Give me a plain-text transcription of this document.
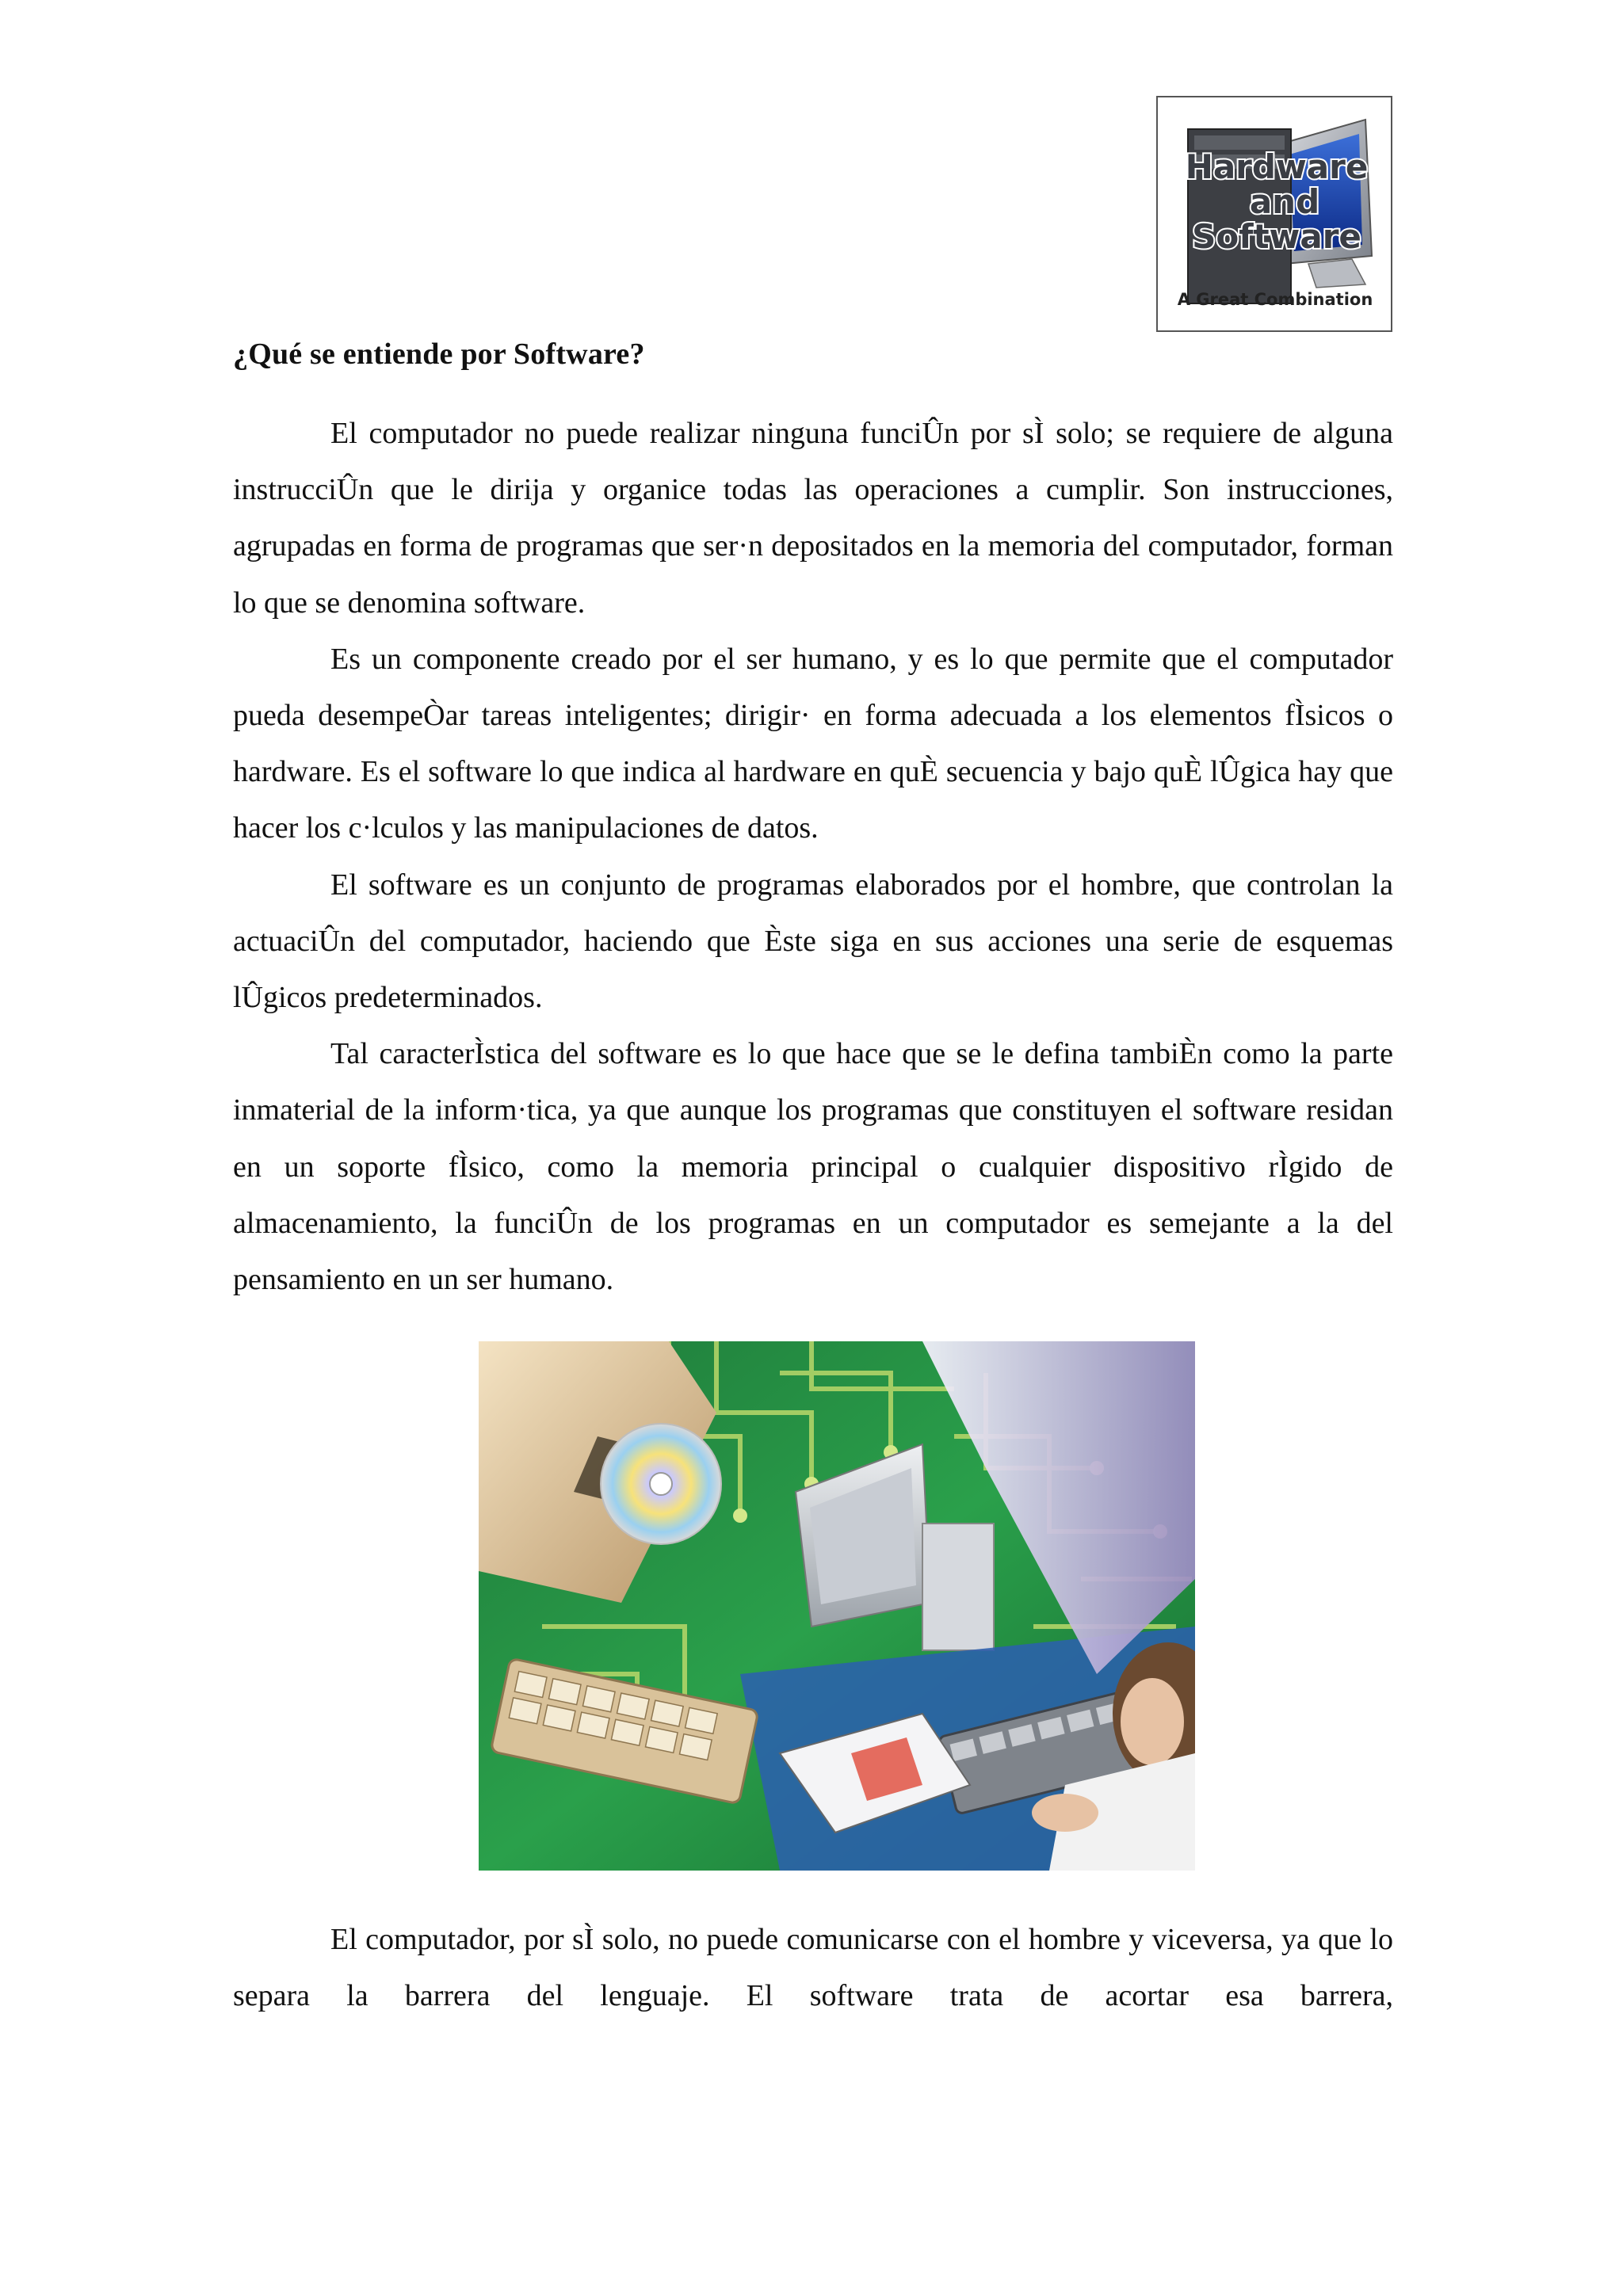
Hardware
and
Software
A Great Combination
¿Qué se entiende por Software?

El computador no puede realizar ninguna funciÛn por sÌ solo; se requiere de alguna instrucciÛn que le dirija y organice todas las operaciones a cumplir. Son instrucciones, agrupadas en forma de programas que ser·n depositados en la memoria del computador, forman lo que se denomina software.

Es un componente creado por el ser humano, y es lo que permite que el computador pueda desempeÒar tareas inteligentes; dirigir· en forma adecuada a los elementos fÌsicos o hardware. Es el software lo que indica al hardware en quÈ secuencia y bajo quÈ lÛgica hay que hacer los c·lculos y las manipulaciones de datos.

El software es un conjunto de programas elaborados por el hombre, que controlan la actuaciÛn del computador, haciendo que Èste siga en sus acciones una serie de esquemas lÛgicos predeterminados.

Tal caracterÌstica del software es lo que hace que se le defina tambiÈn como la parte inmaterial de la inform·tica, ya que aunque los programas que constituyen el software residan en un soporte fÌsico, como la memoria principal o cualquier dispositivo rÌgido de almacenamiento, la funciÛn de los programas en un computador es semejante a la del pensamiento en un ser humano.

El computador, por sÌ solo, no puede comunicarse con el hombre y viceversa, ya que lo separa la barrera del lenguaje. El software trata de acortar esa barrera,
